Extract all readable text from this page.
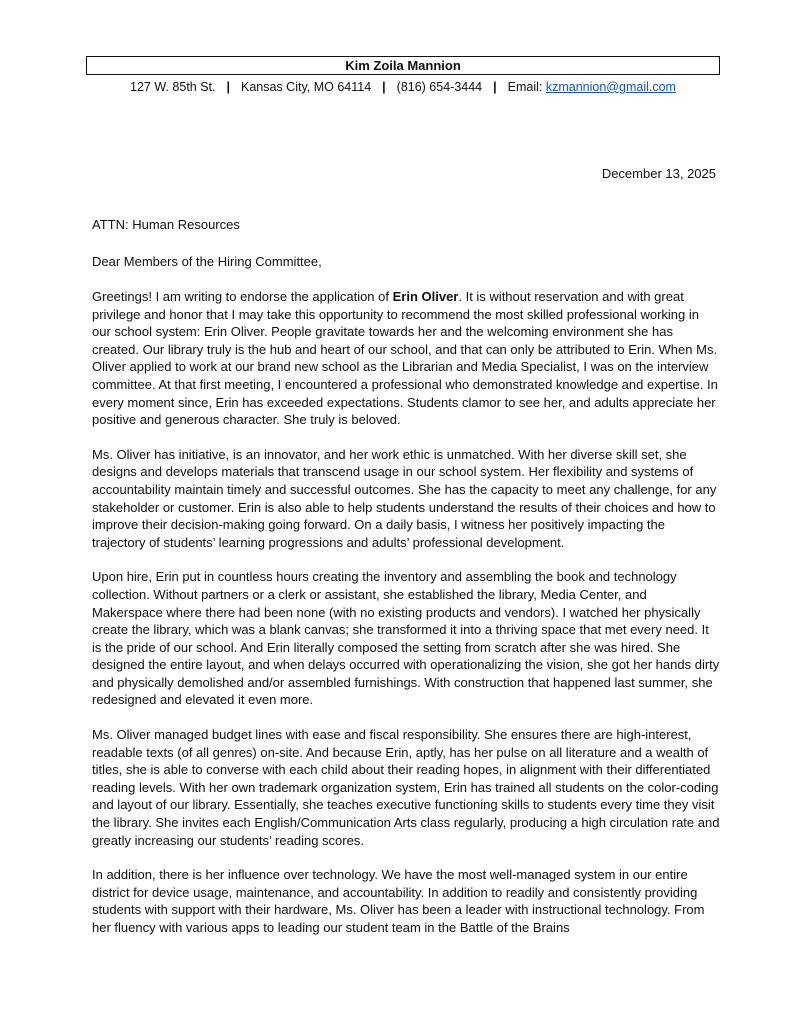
Kim Zoila Mannion
127 W. 85th St. | Kansas City, MO 64114 | (816) 654-3444 | Email: kzmannion@gmail.com
December 13, 2025
ATTN: Human Resources
Dear Members of the Hiring Committee,

Greetings! I am writing to endorse the application of Erin Oliver. It is without reservation and with great privilege and honor that I may take this opportunity to recommend the most skilled professional working in our school system: Erin Oliver. People gravitate towards her and the welcoming environment she has created. Our library truly is the hub and heart of our school, and that can only be attributed to Erin. When Ms. Oliver applied to work at our brand new school as the Librarian and Media Specialist, I was on the interview committee. At that first meeting, I encountered a professional who demonstrated knowledge and expertise. In every moment since, Erin has exceeded expectations. Students clamor to see her, and adults appreciate her positive and generous character. She truly is beloved.

Ms. Oliver has initiative, is an innovator, and her work ethic is unmatched. With her diverse skill set, she designs and develops materials that transcend usage in our school system. Her flexibility and systems of accountability maintain timely and successful outcomes. She has the capacity to meet any challenge, for any stakeholder or customer. Erin is also able to help students understand the results of their choices and how to improve their decision-making going forward. On a daily basis, I witness her positively impacting the trajectory of students’ learning progressions and adults’ professional development.

Upon hire, Erin put in countless hours creating the inventory and assembling the book and technology collection. Without partners or a clerk or assistant, she established the library, Media Center, and Makerspace where there had been none (with no existing products and vendors). I watched her physically create the library, which was a blank canvas; she transformed it into a thriving space that met every need. It is the pride of our school. And Erin literally composed the setting from scratch after she was hired. She designed the entire layout, and when delays occurred with operationalizing the vision, she got her hands dirty and physically demolished and/or assembled furnishings. With construction that happened last summer, she redesigned and elevated it even more.

Ms. Oliver managed budget lines with ease and fiscal responsibility. She ensures there are high-interest, readable texts (of all genres) on-site. And because Erin, aptly, has her pulse on all literature and a wealth of titles, she is able to converse with each child about their reading hopes, in alignment with their differentiated reading levels. With her own trademark organization system, Erin has trained all students on the color-coding and layout of our library. Essentially, she teaches executive functioning skills to students every time they visit the library. She invites each English/Communication Arts class regularly, producing a high circulation rate and greatly increasing our students’ reading scores.

In addition, there is her influence over technology. We have the most well-managed system in our entire district for device usage, maintenance, and accountability. In addition to readily and consistently providing students with support with their hardware, Ms. Oliver has been a leader with instructional technology. From her fluency with various apps to leading our student team in the Battle of the Brains
